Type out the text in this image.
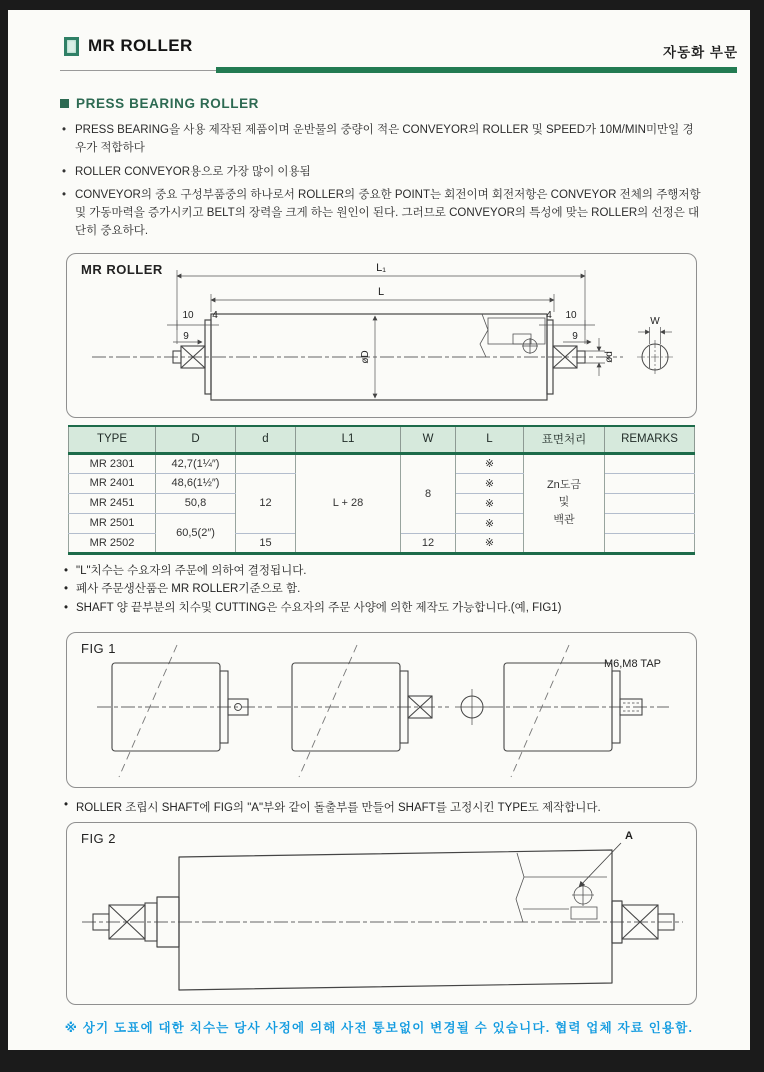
MR ROLLER	자동화 부문
PRESS BEARING ROLLER
• PRESS BEARING을 사용 제작된 제품이며 운반물의 중량이 적은 CONVEYOR의 ROLLER 및 SPEED가 10M/MIN미만일 경우가 적합하다
• ROLLER CONVEYOR용으로 가장 많이 이용됨
• CONVEYOR의 중요 구성부품중의 하나로서 ROLLER의 중요한 POINT는 회전이며 회전저항은 CONVEYOR 전체의 주행저항 및 가동마력을 증가시키고 BELT의 장력을 크게 하는 원인이 된다. 그러므로 CONVEYOR의 특성에 맞는 ROLLER의 선정은 대단히 중요하다.
L₁
L
10 4
9
4 10
9
øD	ød
W
MR ROLLER
TYPE	D	d	L1	W	L	표면처리	REMARKS
MR 2301	42,7(1¼″)		L + 28	8	※	Zn도금
및
백관	

MR 2401	48,6(1½″)	12			※		
MR 2451	50,8				※		
MR 2501	60,5(2″)				※		
MR 2502		15		12	※		
• "L"치수는 수요자의 주문에 의하여 결정됩니다.
• 폐사 주문생산품은 MR ROLLER기준으로 함.
• SHAFT 양 끝부분의 치수및 CUTTING은 수요자의 주문 사양에 의한 제작도 가능합니다.(예, FIG1)
M6,M8 TAP
FIG 1
• ROLLER 조립시 SHAFT에 FIG의 "A"부와 같이 돌출부를 만들어 SHAFT를 고정시킨 TYPE도 제작합니다.
A
FIG 2
※ 상기 도표에 대한 치수는 당사 사정에 의해 사전 통보없이 변경될 수 있습니다. 협력 업체 자료 인용함.
